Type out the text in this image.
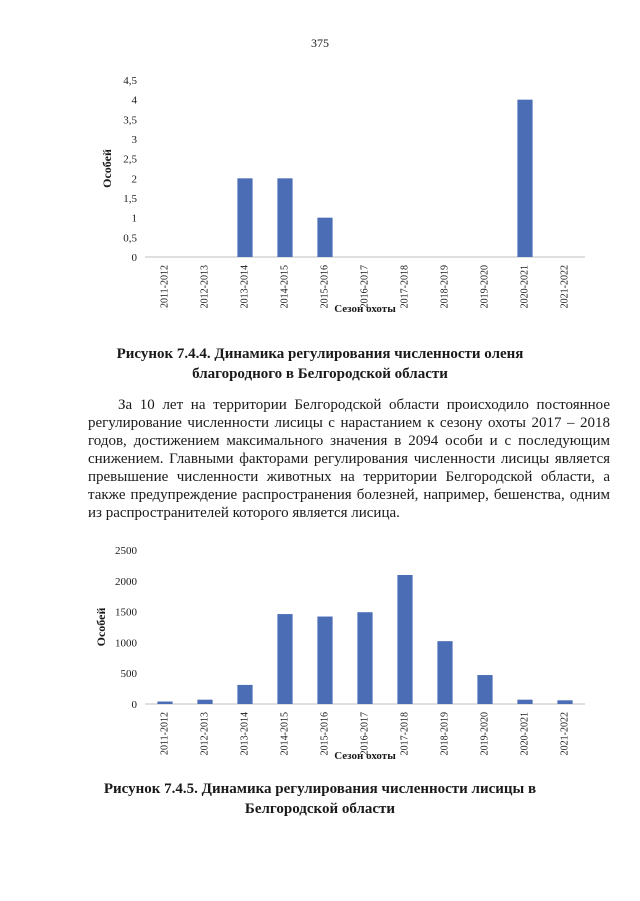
375
0
0,5
1
1,5
2
2,5
3
3,5
4
4,5
Особей
2011-2012	2012-2013	2013-2014	2014-2015	2015-2016	2016-2017	2017-2018	2018-2019	2019-2020	2020-2021	2021-2022
Сезон охоты
Рисунок 7.4.4. Динамика регулирования численности оленя благородного в Белгородской области

За 10 лет на территории Белгородской области происходило постоянное регулирование численности лисицы с нарастанием к сезону охоты 2017 – 2018 годов, достижением максимального значения в 2094 особи и с последующим снижением. Главными факторами регулирования численности лисицы является превышение численности животных на территории Белгородской области, а также предупреждение распространения болезней, например, бешенства, одним из распространителей которого является лисица.

0
500
1000
1500
2000
2500
Особей
2011-2012	2012-2013	2013-2014	2014-2015	2015-2016	2016-2017	2017-2018	2018-2019	2019-2020	2020-2021	2021-2022
Сезон охоты
Рисунок 7.4.5. Динамика регулирования численности лисицы в Белгородской области
